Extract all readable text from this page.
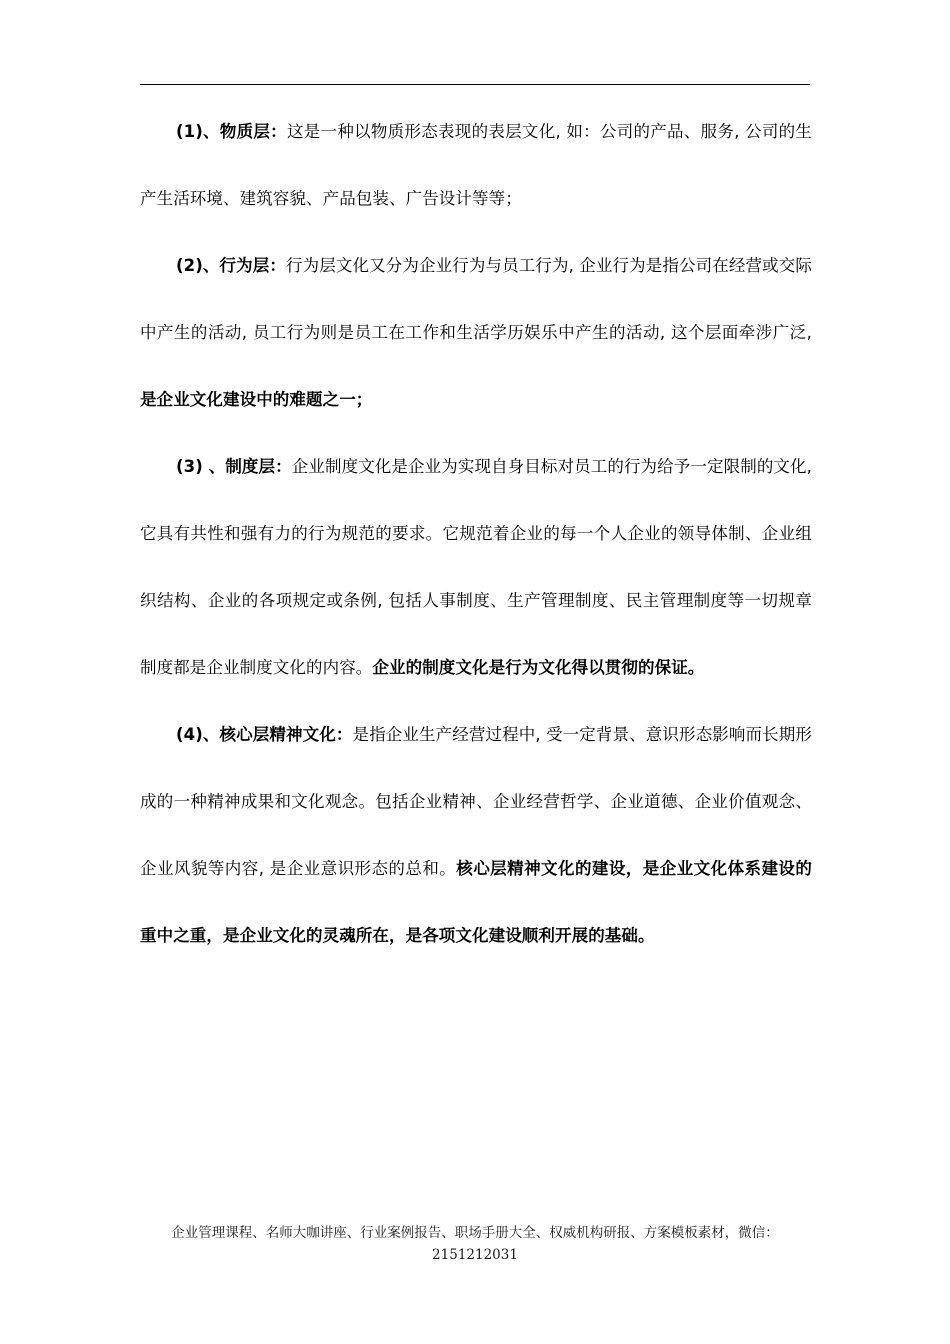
(1)、物质层：这是一种以物质形态表现的表层文化, 如：公司的产品、服务, 公司的生产生活环境、建筑容貌、产品包装、广告设计等等；

(2)、行为层：行为层文化又分为企业行为与员工行为, 企业行为是指公司在经营或交际中产生的活动, 员工行为则是员工在工作和生活学历娱乐中产生的活动, 这个层面牵涉广泛, 是企业文化建设中的难题之一；

(3) 、制度层：企业制度文化是企业为实现自身目标对员工的行为给予一定限制的文化, 它具有共性和强有力的行为规范的要求。它规范着企业的每一个人企业的领导体制、企业组织结构、企业的各项规定或条例, 包括人事制度、生产管理制度、民主管理制度等一切规章制度都是企业制度文化的内容。企业的制度文化是行为文化得以贯彻的保证。

(4)、核心层精神文化：是指企业生产经营过程中, 受一定背景、意识形态影响而长期形成的一种精神成果和文化观念。包括企业精神、企业经营哲学、企业道德、企业价值观念、企业风貌等内容, 是企业意识形态的总和。核心层精神文化的建设，是企业文化体系建设的重中之重，是企业文化的灵魂所在，是各项文化建设顺利开展的基础。

企业管理课程、名师大咖讲座、行业案例报告、职场手册大全、权威机构研报、方案模板素材，微信：
2151212031
